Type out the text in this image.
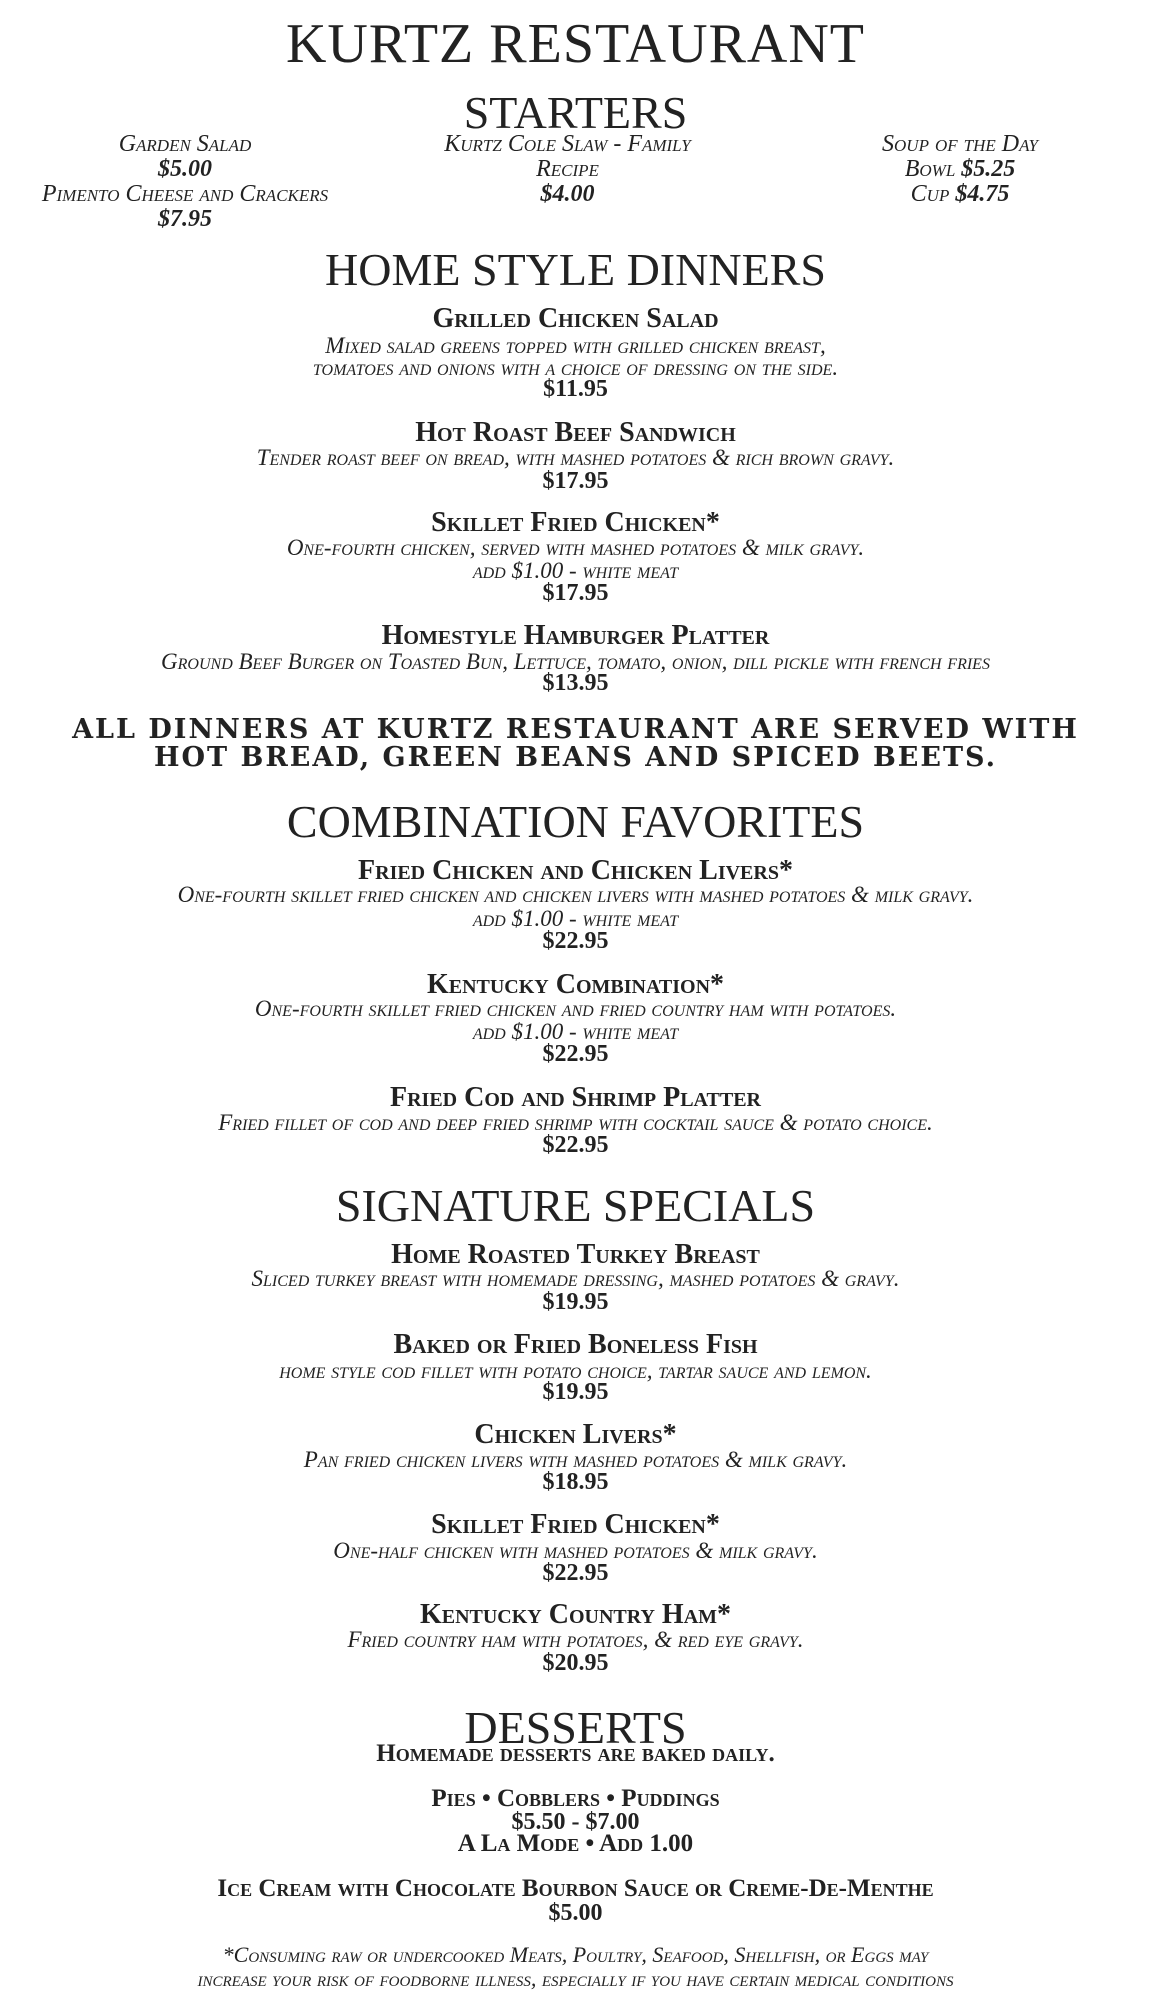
KURTZ RESTAURANT
STARTERS
Garden Salad
$5.00
Pimento Cheese and Crackers
$7.95
Kurtz Cole Slaw - Family
Recipe
$4.00
Soup of the Day
Bowl $5.25
Cup $4.75
HOME STYLE DINNERS
Grilled Chicken Salad
Mixed salad greens topped with grilled chicken breast,
tomatoes and onions with a choice of dressing on the side.
$11.95
Hot Roast Beef Sandwich
Tender roast beef on bread, with mashed potatoes & rich brown gravy.
$17.95
Skillet Fried Chicken*
One-fourth chicken, served with mashed potatoes & milk gravy.
add $1.00 - white meat
$17.95
Homestyle Hamburger Platter
Ground Beef Burger on Toasted Bun, Lettuce, tomato, onion, dill pickle with french fries
$13.95
ALL DINNERS AT KURTZ RESTAURANT ARE SERVED WITH
HOT BREAD, GREEN BEANS AND SPICED BEETS.
COMBINATION FAVORITES
Fried Chicken and Chicken Livers*
One-fourth skillet fried chicken and chicken livers with mashed potatoes & milk gravy.
add $1.00 - white meat
$22.95
Kentucky Combination*
One-fourth skillet fried chicken and fried country ham with potatoes.
add $1.00 - white meat
$22.95
Fried Cod and Shrimp Platter
Fried fillet of cod and deep fried shrimp with cocktail sauce & potato choice.
$22.95
SIGNATURE SPECIALS
Home Roasted Turkey Breast
Sliced turkey breast with homemade dressing, mashed potatoes & gravy.
$19.95
Baked or Fried Boneless Fish
home style cod fillet with potato choice, tartar sauce and lemon.
$19.95
Chicken Livers*
Pan fried chicken livers with mashed potatoes & milk gravy.
$18.95
Skillet Fried Chicken*
One-half chicken with mashed potatoes & milk gravy.
$22.95
Kentucky Country Ham*
Fried country ham with potatoes, & red eye gravy.
$20.95
DESSERTS
Homemade desserts are baked daily.
Pies • Cobblers • Puddings
$5.50 - $7.00
A La Mode • Add 1.00
Ice Cream with Chocolate Bourbon Sauce or Creme-De-Menthe
$5.00
*Consuming raw or undercooked Meats, Poultry, Seafood, Shellfish, or Eggs may
increase your risk of foodborne illness, especially if you have certain medical conditions
